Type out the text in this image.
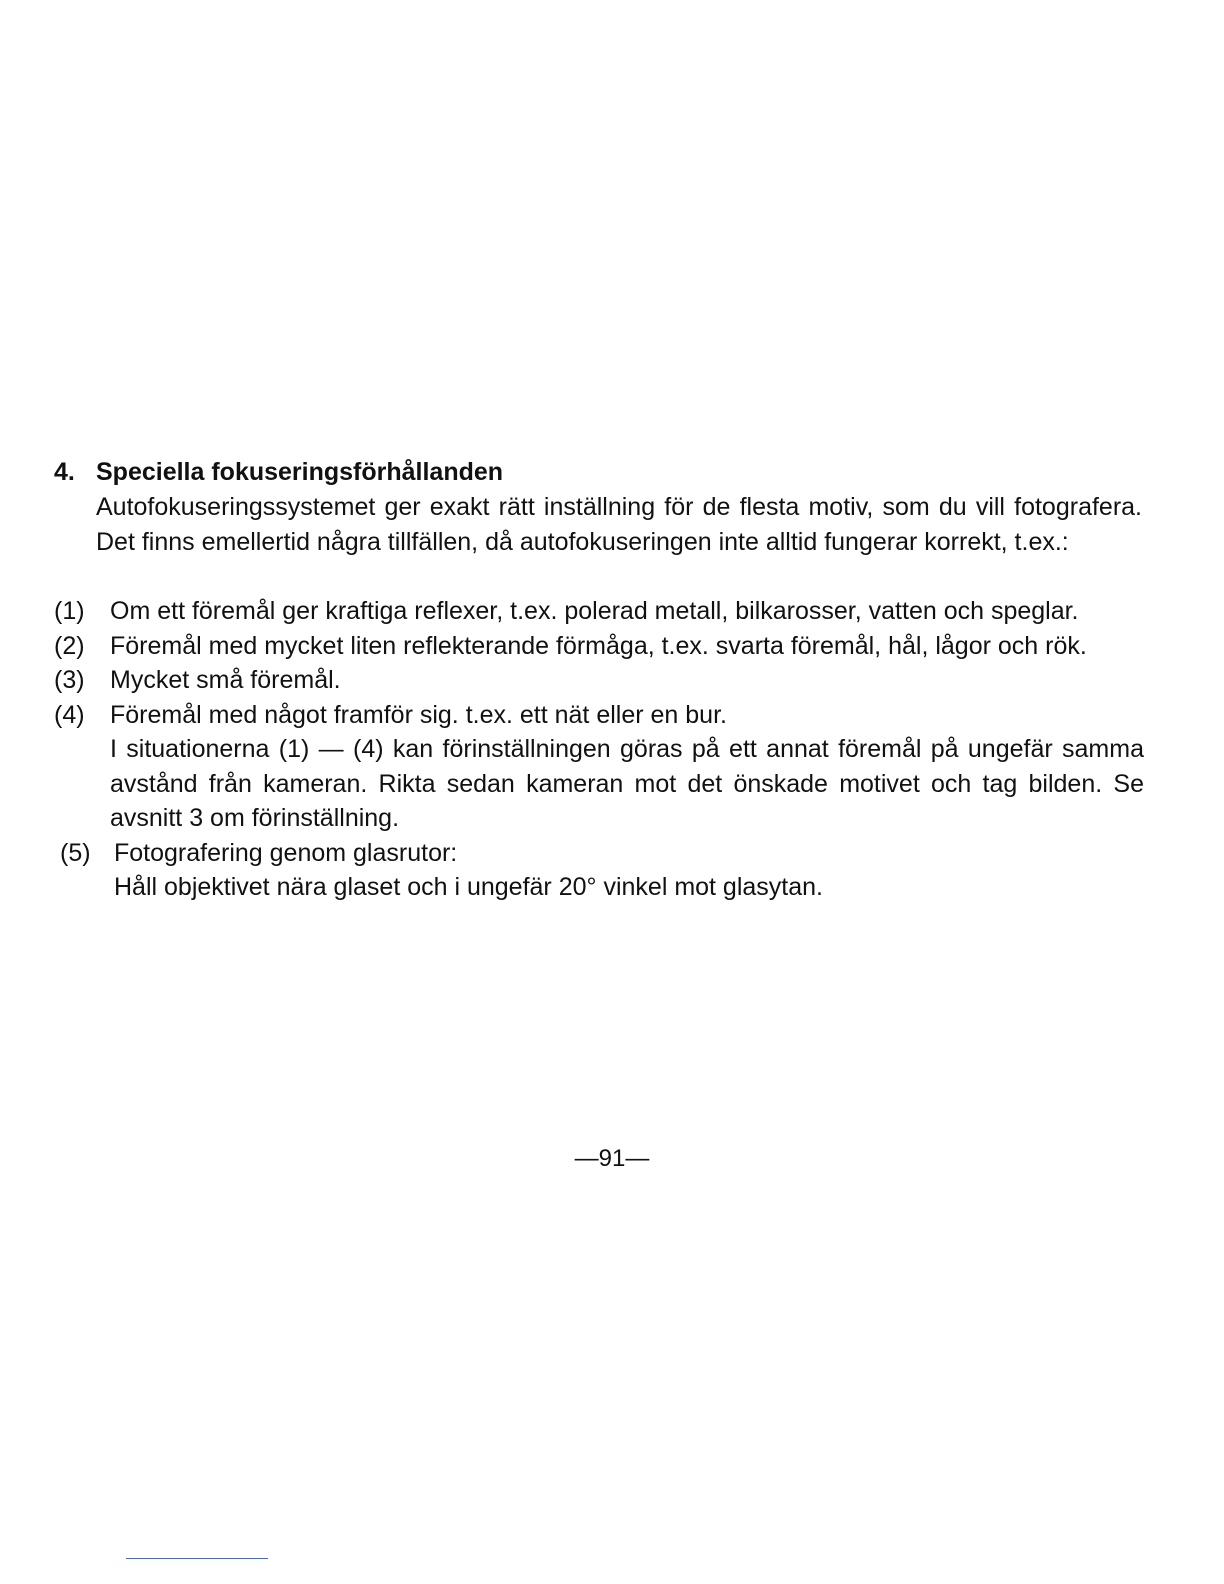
4. Speciella fokuseringsförhållanden

Autofokuseringssystemet ger exakt rätt inställning för de flesta motiv, som du vill fotografera. Det finns emellertid några tillfällen, då autofokuseringen inte alltid fungerar korrekt, t.ex.:

(1)	Om ett föremål ger kraftiga reflexer, t.ex. polerad metall, bilkarosser, vatten och speglar.
(2)	Föremål med mycket liten reflekterande förmåga, t.ex. svarta föremål, hål, lågor och rök.
(3)	Mycket små föremål.
(4)	Föremål med något framför sig. t.ex. ett nät eller en bur.
I situationerna (1) — (4) kan förinställningen göras på ett annat föremål på ungefär samma avstånd från kameran. Rikta sedan kameran mot det önskade motivet och tag bilden. Se avsnitt 3 om förinställning.
(5) Fotografering genom glasrutor:
Håll objektivet nära glaset och i ungefär 20° vinkel mot glasytan.
—91—
